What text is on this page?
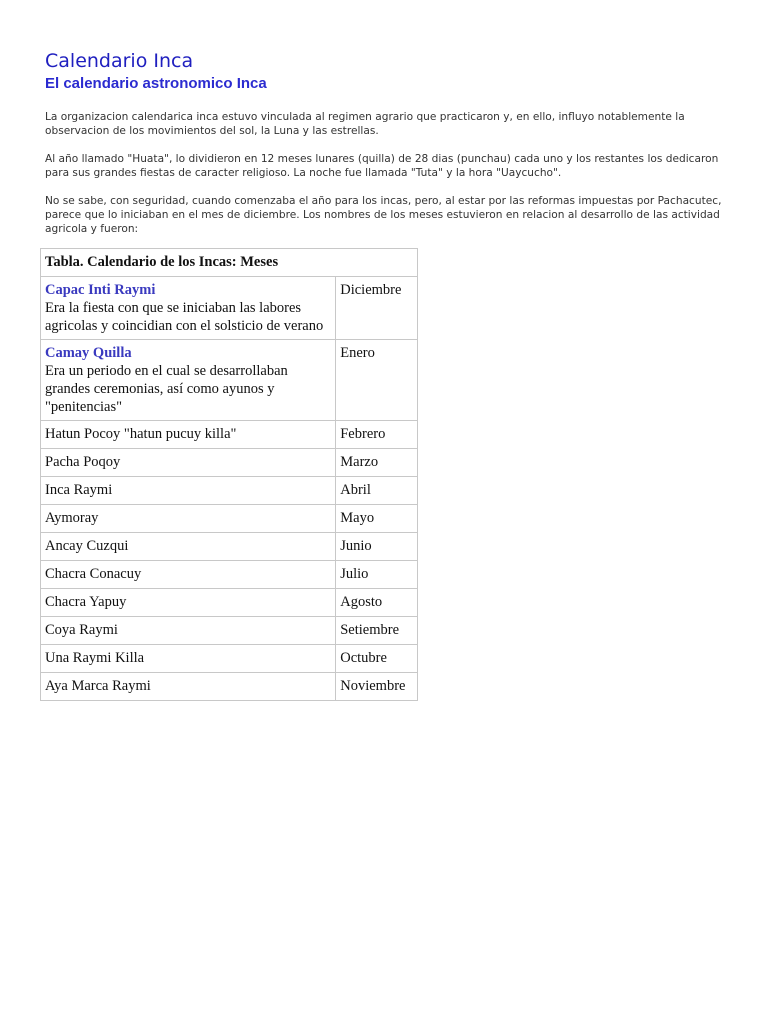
Calendario Inca
El calendario astronomico Inca

La organizacion calendarica inca estuvo vinculada al regimen agrario que practicaron y, en ello, influyo notablemente la observacion de los movimientos del sol, la Luna y las estrellas.

Al año llamado "Huata", lo dividieron en 12 meses lunares (quilla) de 28 dias (punchau) cada uno y los restantes los dedicaron para sus grandes fiestas de caracter religioso. La noche fue llamada "Tuta" y la hora "Uaycucho".

No se sabe, con seguridad, cuando comenzaba el año para los incas, pero, al estar por las reformas impuestas por Pachacutec, parece que lo iniciaban en el mes de diciembre. Los nombres de los meses estuvieron en relacion al desarrollo de las actividad agricola y fueron:

Tabla. Calendario de los Incas: Meses	
Capac Inti Raymi
Era la fiesta con que se iniciaban las labores agricolas y coincidian con el solsticio de verano	Diciembre
Camay Quilla
Era un periodo en el cual se desarrollaban grandes ceremonias, así como ayunos y "penitencias"	Enero
Hatun Pocoy "hatun pucuy killa"	Febrero
Pacha Poqoy	Marzo
Inca Raymi	Abril
Aymoray	Mayo
Ancay Cuzqui	Junio
Chacra Conacuy	Julio
Chacra Yapuy	Agosto
Coya Raymi	Setiembre
Una Raymi Killa	Octubre
Aya Marca Raymi	Noviembre
